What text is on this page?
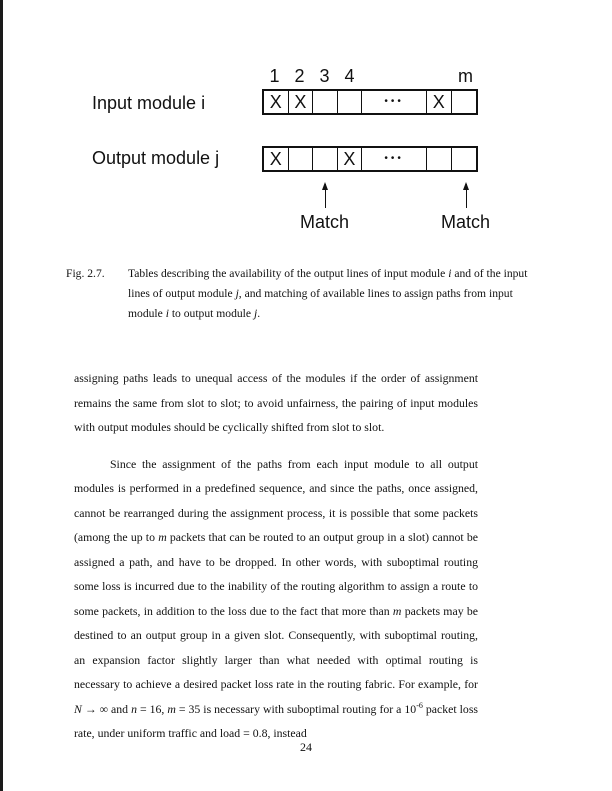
Input module i
Output module j
1 2 3 4	m
X X	•••	X
X	X	•••
Match	Match
Fig. 2.7. Tables describing the availability of the output lines of input module i and of the input lines of output module j, and matching of available lines to assign paths from input module i to output module j.

assigning paths leads to unequal access of the modules if the order of assignment remains the same from slot to slot; to avoid unfairness, the pairing of input modules with output modules should be cyclically shifted from slot to slot.

Since the assignment of the paths from each input module to all output modules is performed in a predefined sequence, and since the paths, once assigned, cannot be rearranged during the assignment process, it is possible that some packets (among the up to m packets that can be routed to an output group in a slot) cannot be assigned a path, and have to be dropped. In other words, with suboptimal routing some loss is incurred due to the inability of the routing algorithm to assign a route to some packets, in addition to the loss due to the fact that more than m packets may be destined to an output group in a given slot. Consequently, with suboptimal routing, an expansion factor slightly larger than what needed with optimal routing is necessary to achieve a desired packet loss rate in the routing fabric. For example, for N → ∞ and n = 16, m = 35 is necessary with suboptimal routing for a $10^{-6}$ packet loss rate, under uniform traffic and load = 0.8, instead

24
